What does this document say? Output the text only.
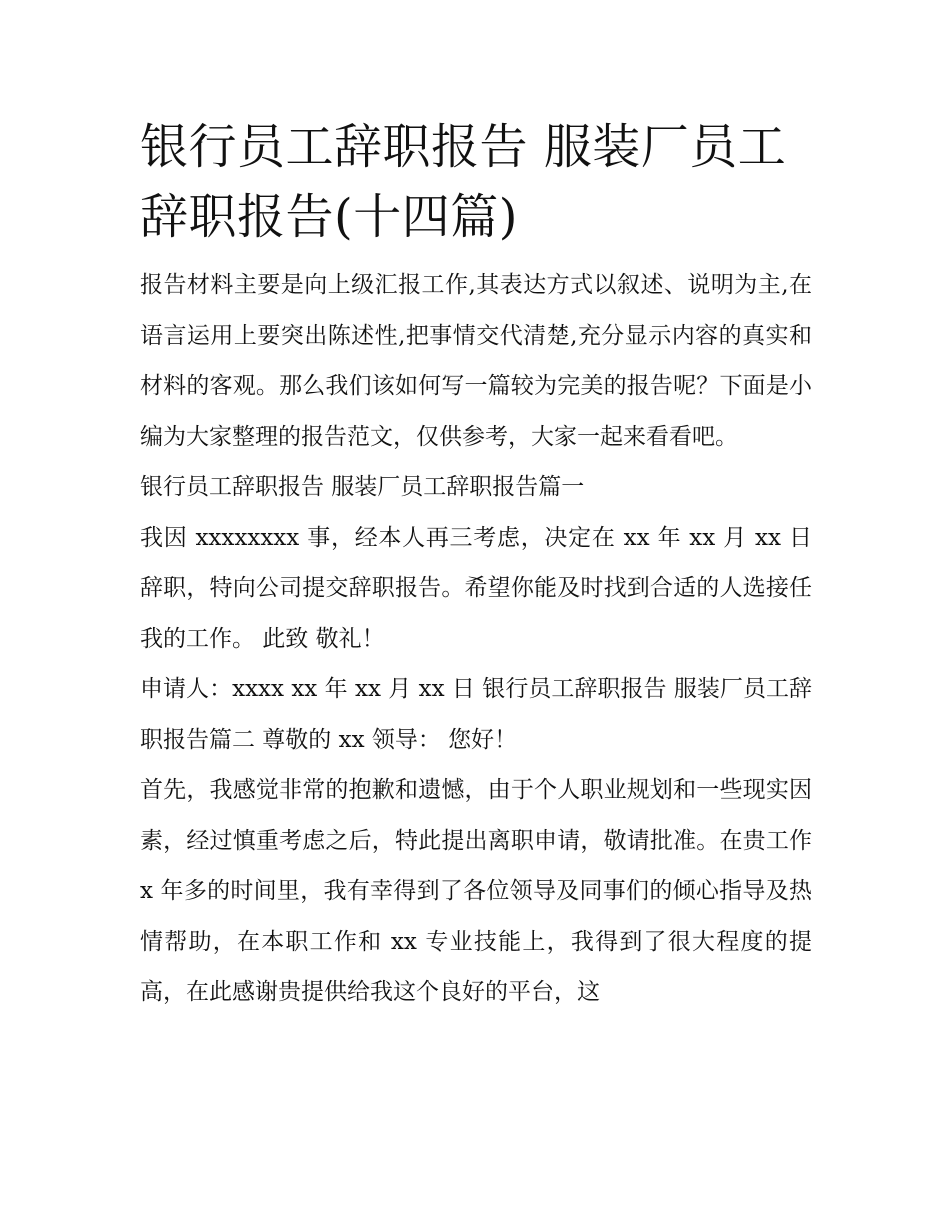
银行员工辞职报告 服装厂员工辞职报告(十四篇)

报告材料主要是向上级汇报工作,其表达方式以叙述、说明为主,在语言运用上要突出陈述性,把事情交代清楚,充分显示内容的真实和材料的客观。那么我们该如何写一篇较为完美的报告呢？下面是小编为大家整理的报告范文，仅供参考，大家一起来看看吧。

银行员工辞职报告 服装厂员工辞职报告篇一

我因 xxxxxxxx 事，经本人再三考虑，决定在 xx 年 xx 月 xx 日辞职，特向公司提交辞职报告。希望你能及时找到合适的人选接任我的工作。 此致 敬礼！

申请人：xxxx xx 年 xx 月 xx 日 银行员工辞职报告 服装厂员工辞职报告篇二 尊敬的 xx 领导： 您好！

首先，我感觉非常的抱歉和遗憾，由于个人职业规划和一些现实因素，经过慎重考虑之后，特此提出离职申请，敬请批准。在贵工作 x 年多的时间里，我有幸得到了各位领导及同事们的倾心指导及热情帮助，在本职工作和 xx 专业技能上，我得到了很大程度的提高，在此感谢贵提供给我这个良好的平台，这
